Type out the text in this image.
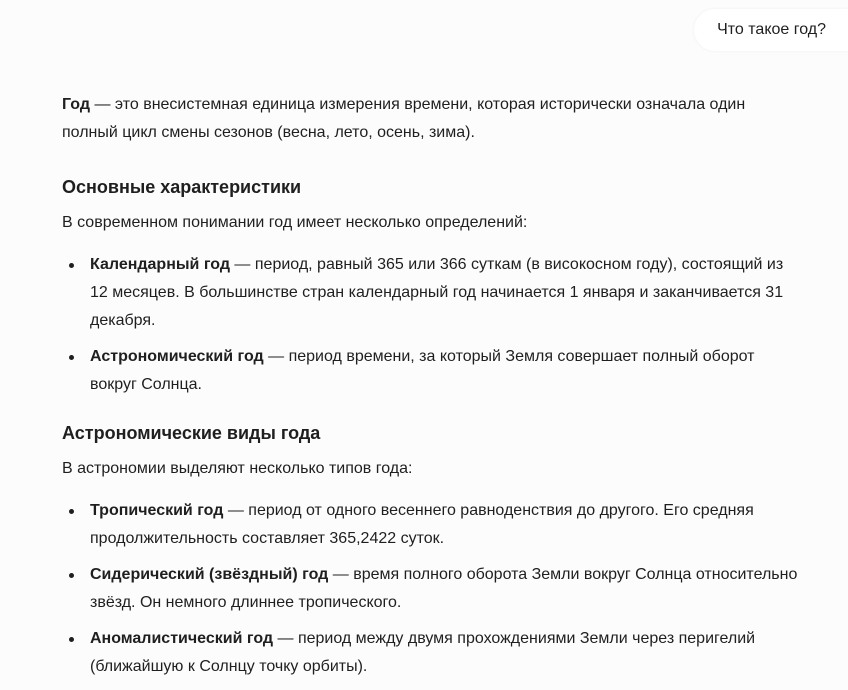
Что такое год?

Год — это внесистемная единица измерения времени, которая исторически означала один полный цикл смены сезонов (весна, лето, осень, зима).

Основные характеристики

В современном понимании год имеет несколько определений:

Календарный год — период, равный 365 или 366 суткам (в високосном году), состоящий из 12 месяцев. В большинстве стран календарный год начинается 1 января и заканчивается 31 декабря.
Астрономический год — период времени, за который Земля совершает полный оборот вокруг Солнца.
Астрономические виды года

В астрономии выделяют несколько типов года:

Тропический год — период от одного весеннего равноденствия до другого. Его средняя продолжительность составляет 365,2422 суток.
Сидерический (звёздный) год — время полного оборота Земли вокруг Солнца относительно звёзд. Он немного длиннее тропического.
Аномалистический год — период между двумя прохождениями Земли через перигелий (ближайшую к Солнцу точку орбиты).
